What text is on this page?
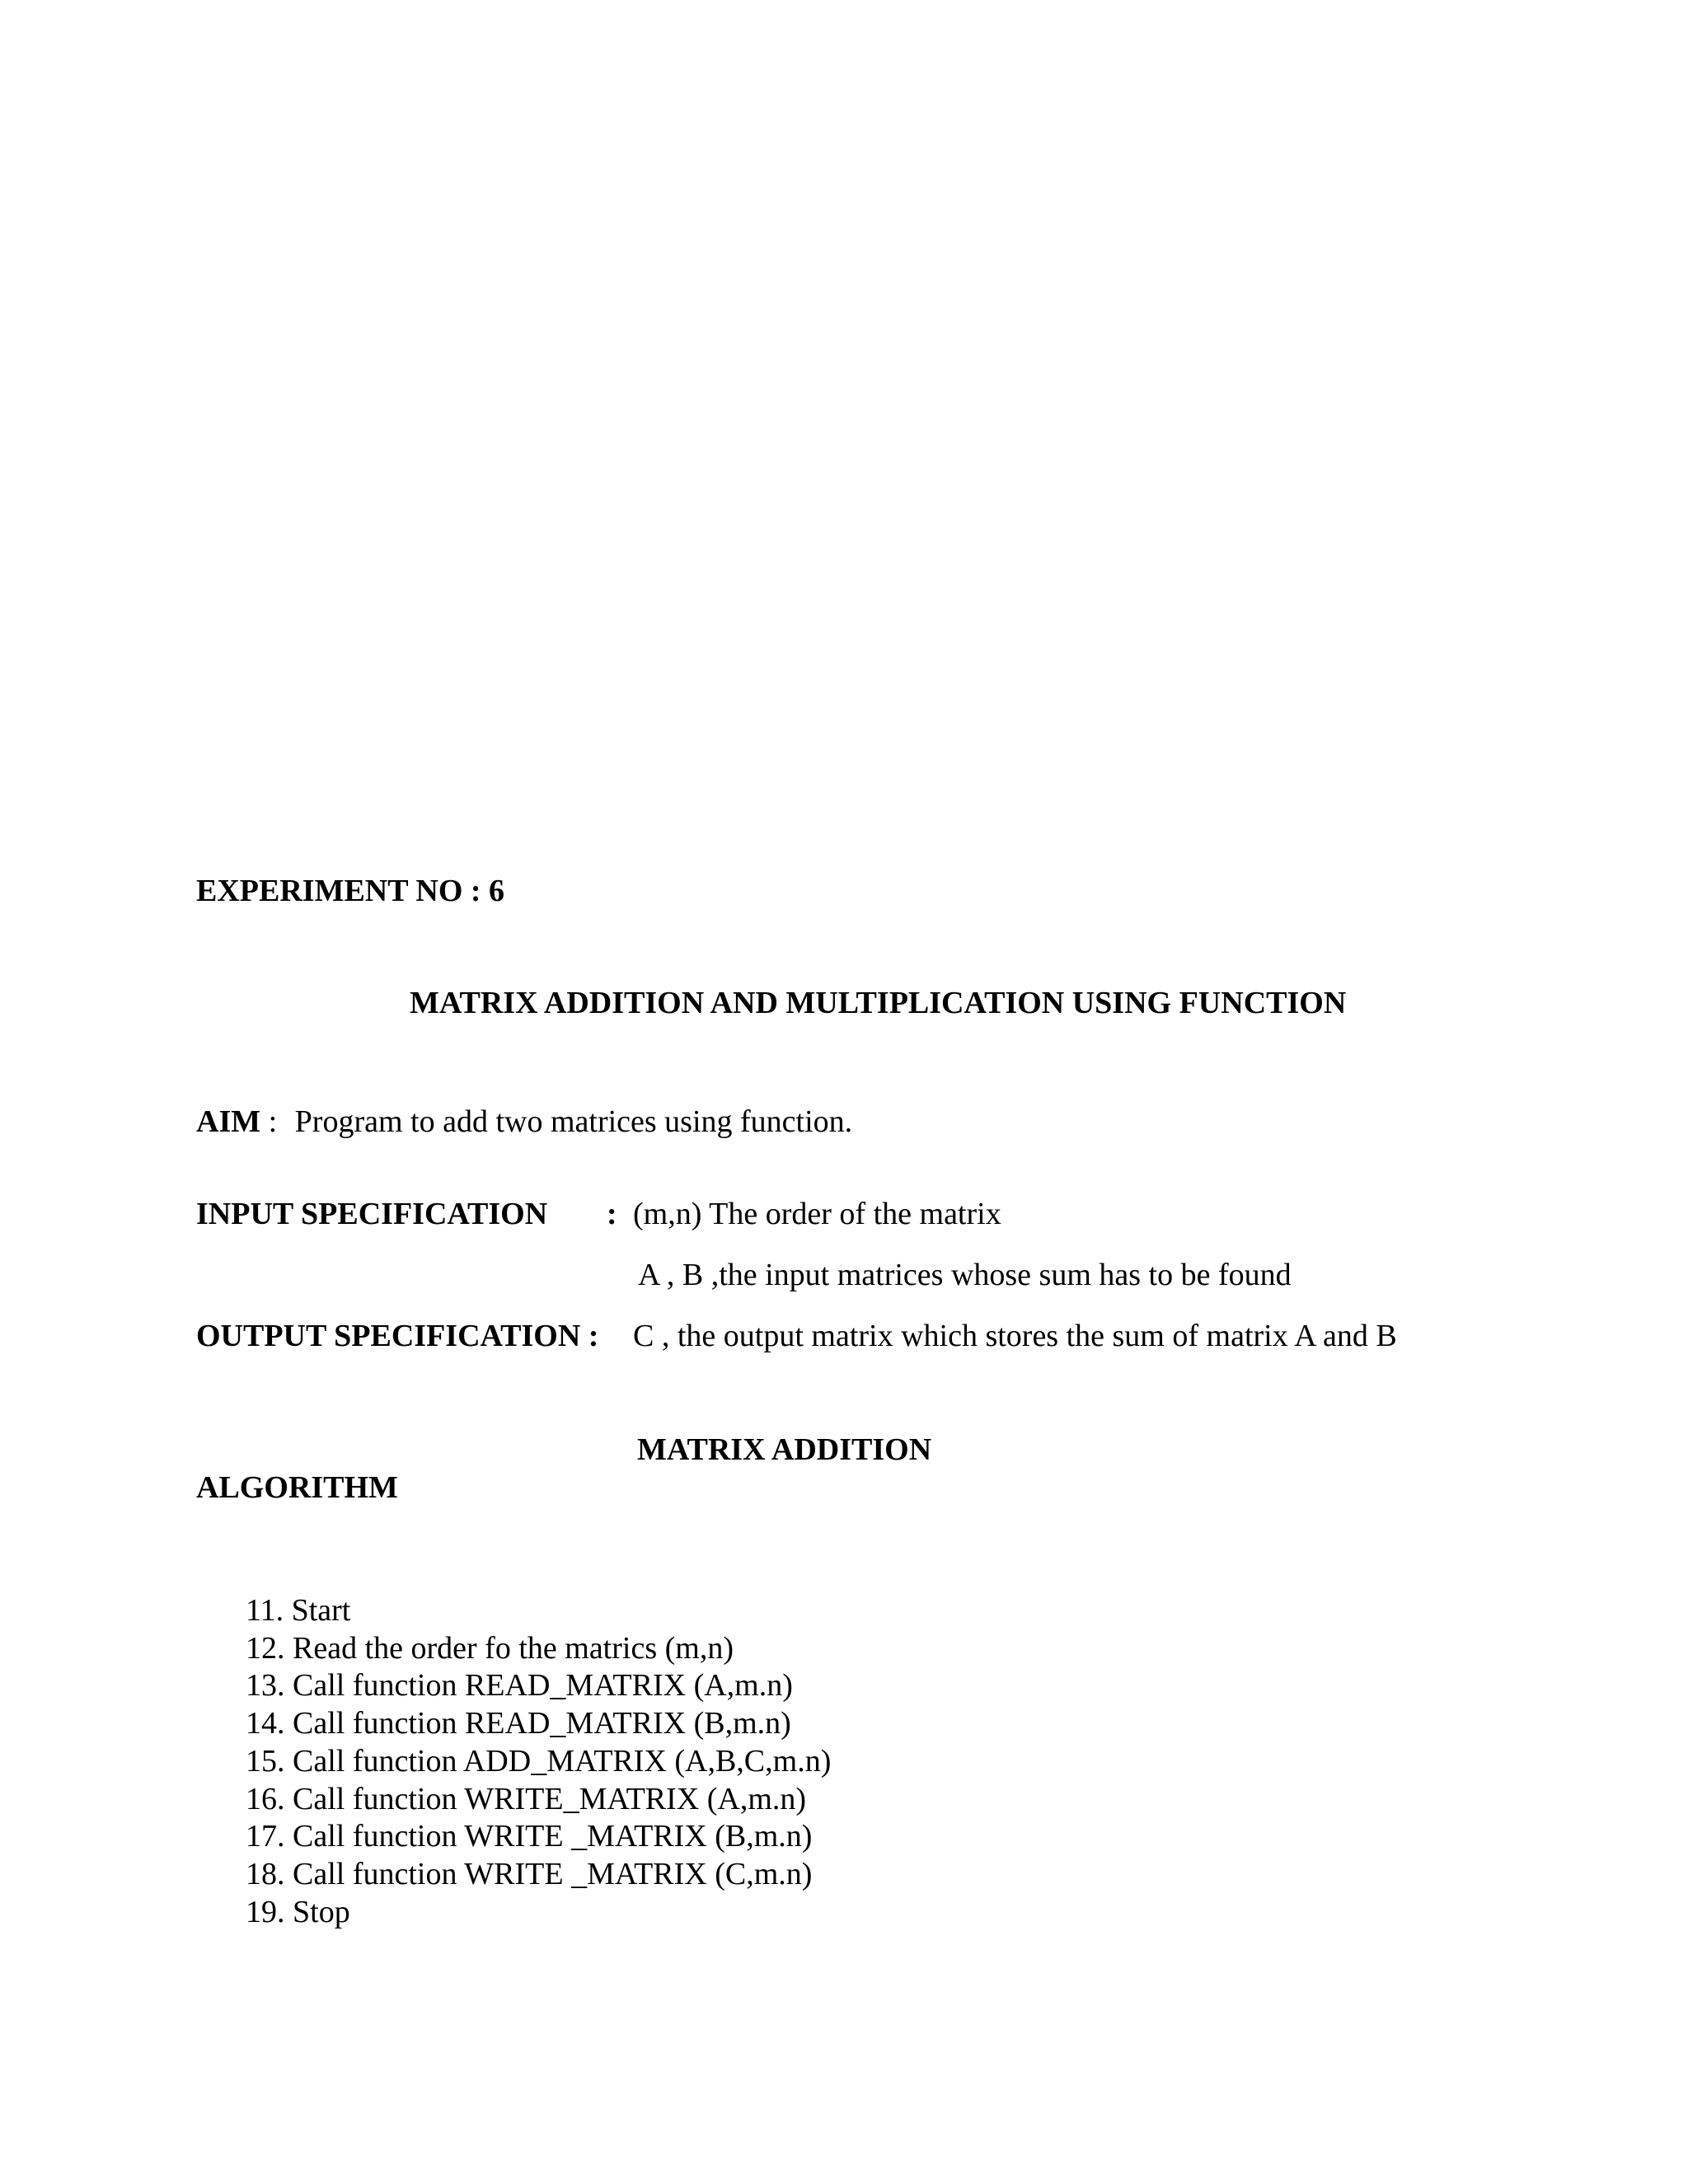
EXPERIMENT NO : 6
MATRIX ADDITION AND MULTIPLICATION USING FUNCTION
AIM : Program to add two matrices using function.
INPUT SPECIFICATION : (m,n) The order of the matrix
A , B ,the input matrices whose sum has to be found
OUTPUT SPECIFICATION : C , the output matrix which stores the sum of matrix A and B
MATRIX ADDITION
ALGORITHM
11. Start
12. Read the order fo the matrics (m,n)
13. Call function READ_MATRIX (A,m.n)
14. Call function READ_MATRIX (B,m.n)
15. Call function ADD_MATRIX (A,B,C,m.n)
16. Call function WRITE_MATRIX (A,m.n)
17. Call function WRITE _MATRIX (B,m.n)
18. Call function WRITE _MATRIX (C,m.n)
19. Stop
